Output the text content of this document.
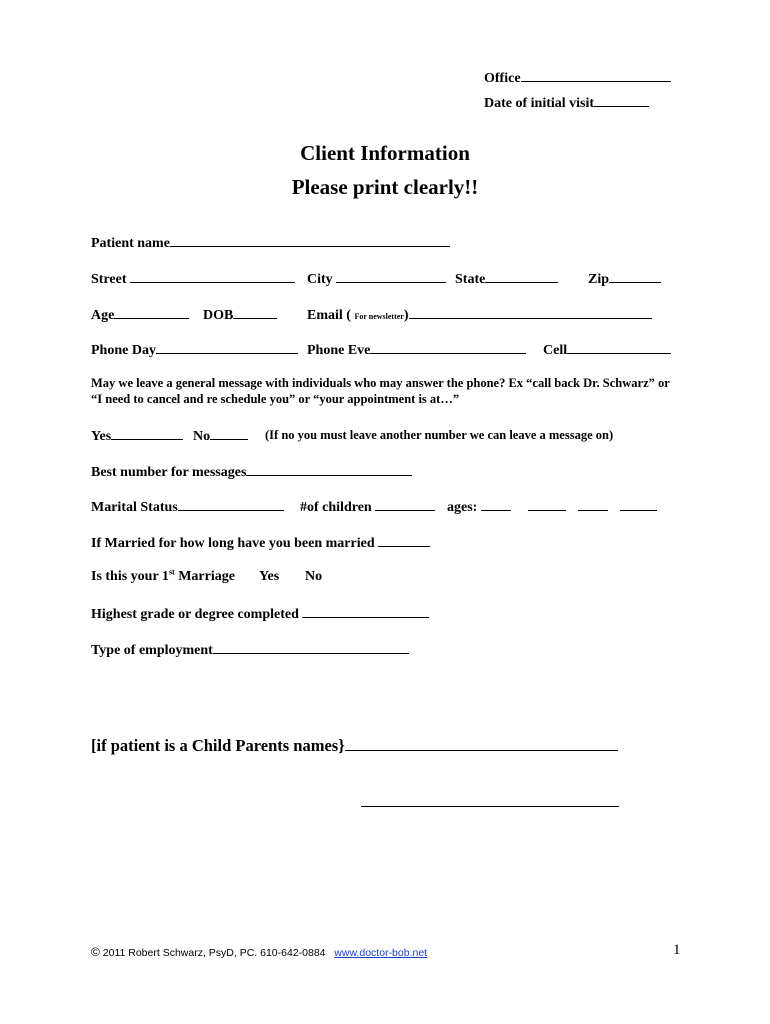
Office
Date of initial visit
Client Information
Please print clearly!!
Patient name
Street	City	State	Zip
Age	DOB	Email ( For newsletter)
Phone Day	Phone Eve	Cell
May we leave a general message with individuals who may answer the phone? Ex “call back Dr. Schwarz” or “I need to cancel and re schedule you” or “your appointment is at…”
Yes	No	(If no you must leave another number we can leave a message on)
Best number for messages
Marital Status	#of children	ages:
If Married for how long have you been married
Is this your 1st Marriage Yes No
Highest grade or degree completed
Type of employment
[if patient is a Child Parents names}
© 2011 Robert Schwarz, PsyD, PC. 610-642-0884 www.doctor-bob.net	1
